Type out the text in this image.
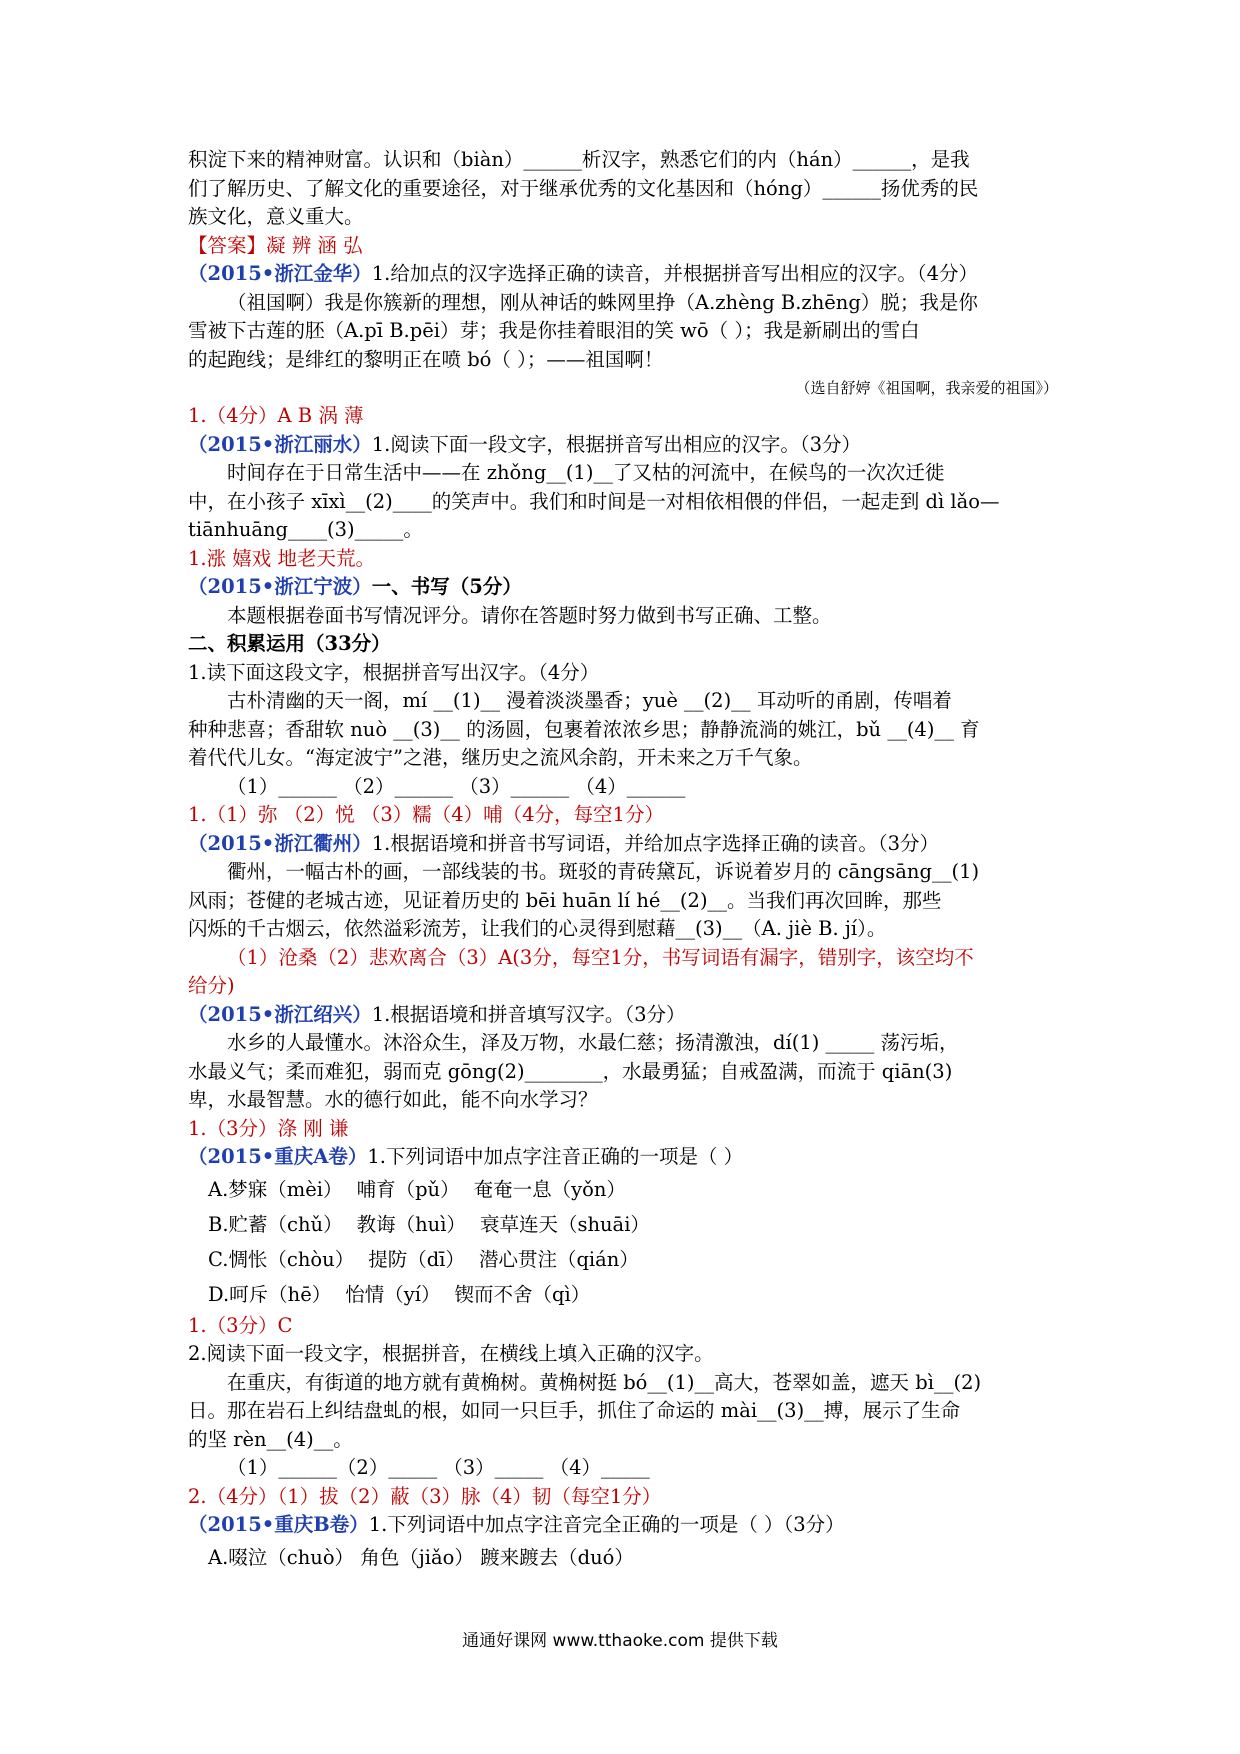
积淀下来的精神财富。认识和（biàn）______析汉字，熟悉它们的内（hán）______，是我
们了解历史、了解文化的重要途径，对于继承优秀的文化基因和（hóng）______扬优秀的民
族文化，意义重大。
【答案】凝 辨 涵 弘
（2015•浙江金华）1.给加点的汉字选择正确的读音，并根据拼音写出相应的汉字。（4分）
（祖国啊）我是你簇新的理想，刚从神话的蛛网里挣（A.zhèng B.zhēng）脱；我是你
雪被下古莲的胚（A.pī B.pēi）芽；我是你挂着眼泪的笑 wō（ ）；我是新刷出的雪白
的起跑线；是绯红的黎明正在喷 bó（ ）；——祖国啊！
（选自舒婷《祖国啊，我亲爱的祖国》）
1.（4分）A B 涡 薄
（2015•浙江丽水）1.阅读下面一段文字，根据拼音写出相应的汉字。（3分）
时间存在于日常生活中——在 zhǒng__(1)__了又枯的河流中，在候鸟的一次次迁徙
中，在小孩子 xīxì__(2)____的笑声中。我们和时间是一对相依相偎的伴侣，一起走到 dì lǎo—tiānhuāng____(3)_____。
1.涨 嬉戏 地老天荒。
（2015•浙江宁波）一、书写（5分）
本题根据卷面书写情况评分。请你在答题时努力做到书写正确、工整。
二、积累运用（33分）
1.读下面这段文字，根据拼音写出汉字。（4分）
古朴清幽的天一阁，mí __(1)__ 漫着淡淡墨香；yuè __(2)__ 耳动听的甬剧，传唱着
种种悲喜；香甜软 nuò __(3)__ 的汤圆，包裹着浓浓乡思；静静流淌的姚江，bǔ __(4)__ 育
着代代儿女。“海定波宁”之港，继历史之流风余韵，开未来之万千气象。
（1）______ （2）______ （3）______ （4）______
1.（1）弥 （2）悦 （3）糯（4）哺（4分，每空1分）
（2015•浙江衢州）1.根据语境和拼音书写词语，并给加点字选择正确的读音。（3分）
衢州，一幅古朴的画，一部线装的书。斑驳的青砖黛瓦，诉说着岁月的 cāngsāng__(1)
风雨；苍健的老城古迹，见证着历史的 bēi huān lí hé__(2)__。当我们再次回眸，那些
闪烁的千古烟云，依然溢彩流芳，让我们的心灵得到慰藉__(3)__（A. jiè B. jí）。
（1）沧桑（2）悲欢离合（3）A(3分，每空1分，书写词语有漏字，错别字，该空均不
给分)
（2015•浙江绍兴）1.根据语境和拼音填写汉字。（3分）
水乡的人最懂水。沐浴众生，泽及万物，水最仁慈；扬清激浊，dí(1) _____ 荡污垢，
水最义气；柔而难犯，弱而克 gōng(2)________，水最勇猛；自戒盈满，而流于 qiān(3)
卑，水最智慧。水的德行如此，能不向水学习？
1.（3分）涤 刚 谦
（2015•重庆A卷）1.下列词语中加点字注音正确的一项是（ ）
A.梦寐（mèi） 哺育（pǔ） 奄奄一息（yǒn）
B.贮蓄（chǔ） 教诲（huì） 衰草连天（shuāi）
C.惆怅（chòu） 提防（dī） 潜心贯注（qián）
D.呵斥（hē） 怡情（yí） 锲而不舍（qì）
1.（3分）C
2.阅读下面一段文字，根据拼音，在横线上填入正确的汉字。
在重庆，有街道的地方就有黄桷树。黄桷树挺 bó__(1)__高大，苍翠如盖，遮天 bì__(2)
日。那在岩石上纠结盘虬的根，如同一只巨手，抓住了命运的 mài__(3)__搏，展示了生命
的坚 rèn__(4)__。
（1）______（2）_____ （3）_____ （4）_____
2.（4分）（1）拔（2）蔽（3）脉（4）韧（每空1分）
（2015•重庆B卷）1.下列词语中加点字注音完全正确的一项是（ ）（3分）
A.啜泣（chuò） 角色（jiǎo） 踱来踱去（duó）
通通好课网 www.tthaoke.com 提供下载
